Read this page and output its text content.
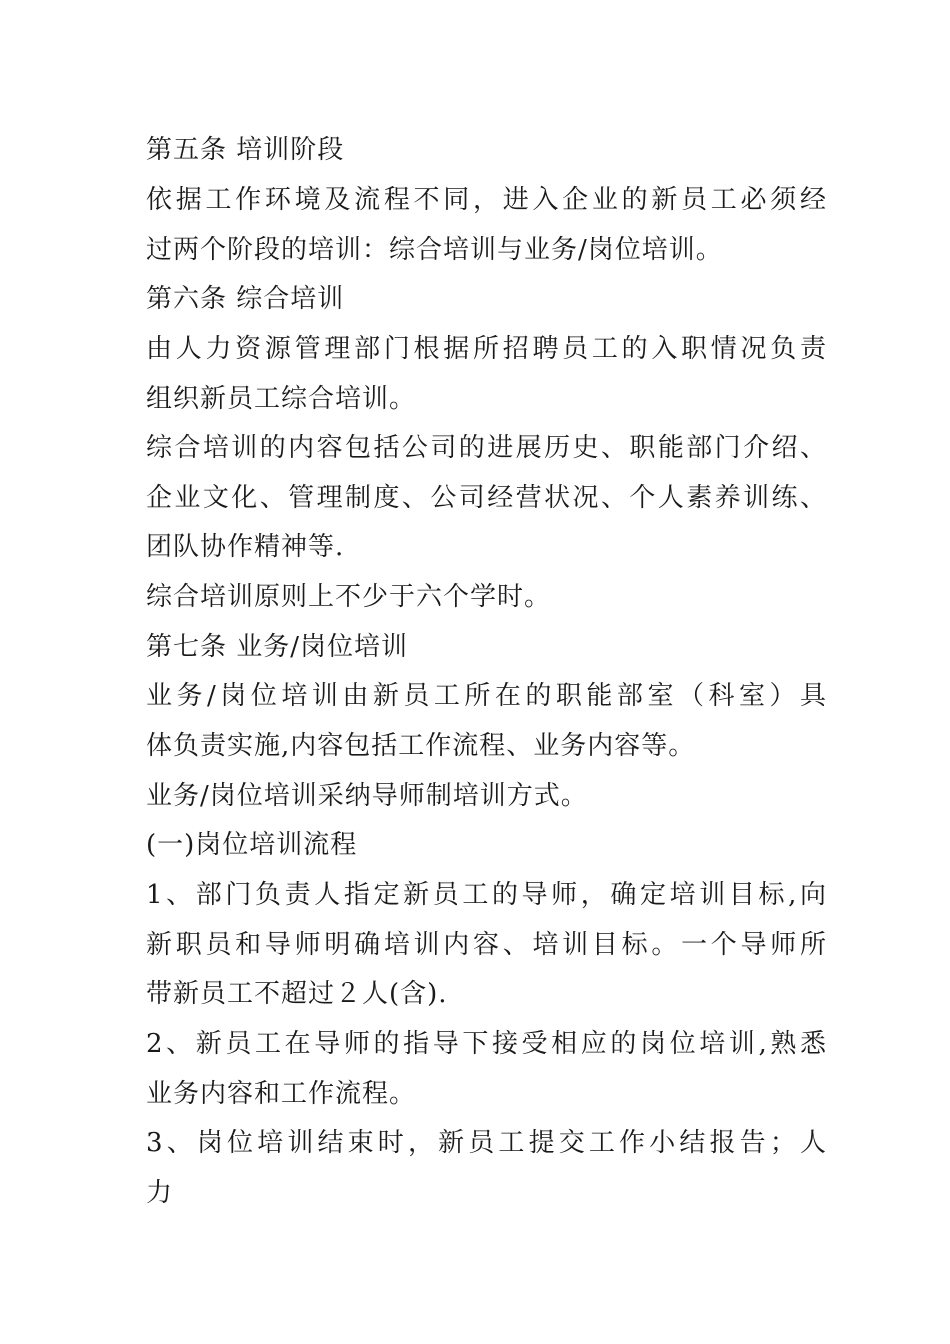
第五条 培训阶段
依据工作环境及流程不同，进入企业的新员工必须经
过两个阶段的培训：综合培训与业务/岗位培训。
第六条 综合培训
由人力资源管理部门根据所招聘员工的入职情况负责
组织新员工综合培训。
综合培训的内容包括公司的进展历史、职能部门介绍、
企业文化、管理制度、公司经营状况、个人素养训练、
团队协作精神等.
综合培训原则上不少于六个学时。
第七条 业务/岗位培训
业务/岗位培训由新员工所在的职能部室（科室）具
体负责实施,内容包括工作流程、业务内容等。
业务/岗位培训采纳导师制培训方式。
(一)岗位培训流程
1、部门负责人指定新员工的导师，确定培训目标,向
新职员和导师明确培训内容、培训目标。一个导师所
带新员工不超过２人(含).
2、新员工在导师的指导下接受相应的岗位培训,熟悉
业务内容和工作流程。
3、岗位培训结束时，新员工提交工作小结报告；人
力
